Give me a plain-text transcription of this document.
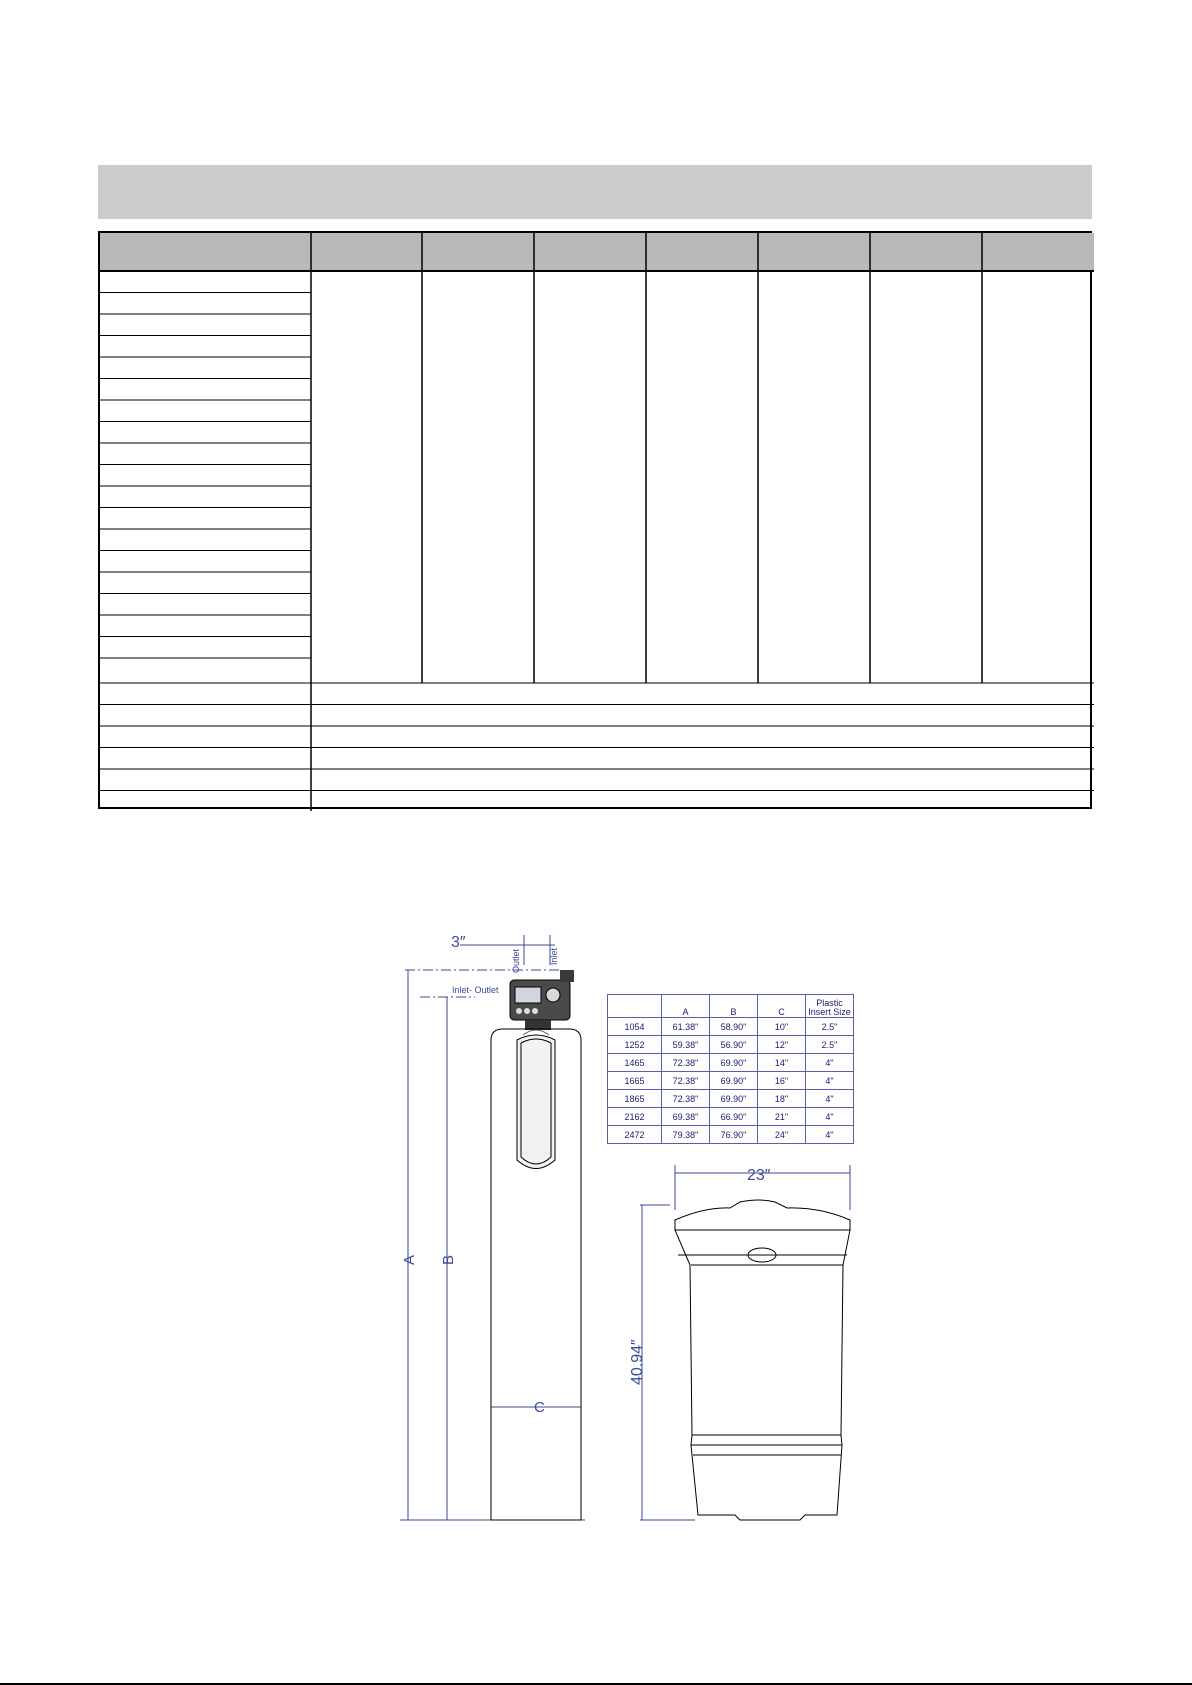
3″
Outlet	Inlet
Inlet- Outlet
A B
C
23″
40.94″
	A	B	C	Plastic Insert Size
1054	61.38"	58.90"	10"	2.5"
1252	59.38"	56.90"	12"	2.5"
1465	72.38"	69.90"	14"	4"
1665	72.38"	69.90"	16"	4"
1865	72.38"	69.90"	18"	4"
2162	69.38"	66.90"	21"	4"
2472	79.38"	76.90"	24"	4"
